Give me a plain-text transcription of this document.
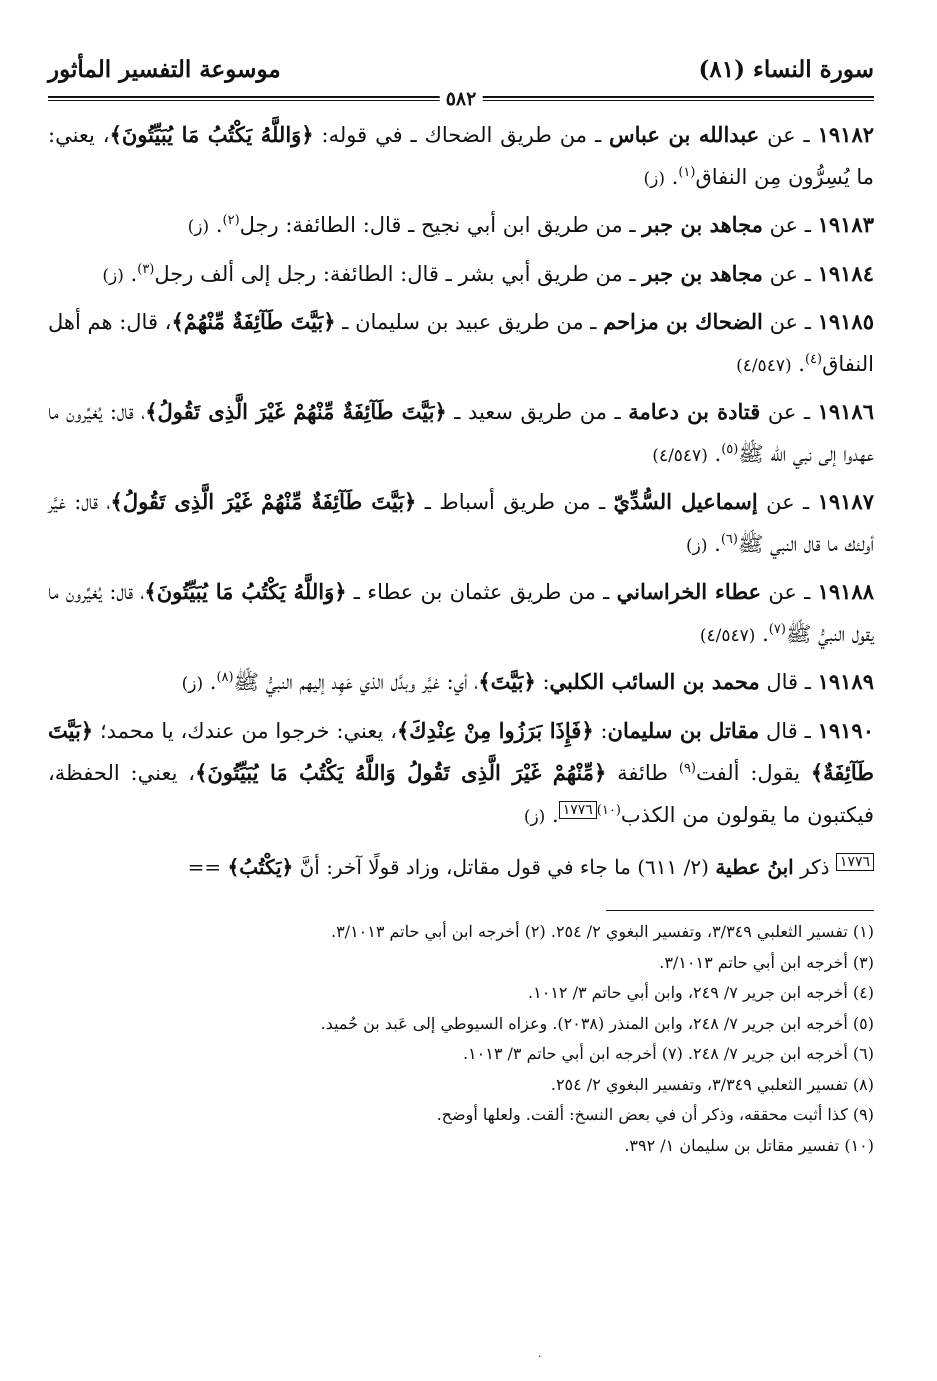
سورة النساء (٨١)
موسوعة التفسير المأثور
٥٨٢

١٩١٨٢ ـ عن عبدالله بن عباس ـ من طريق الضحاك ـ في قوله: ﴿وَاللَّهُ يَكْتُبُ مَا يُبَيِّتُونَ﴾، يعني: ما يُسِرُّون مِن النفاق$^{(١)}$. (ز)

١٩١٨٣ ـ عن مجاهد بن جبر ـ من طريق ابن أبي نجيح ـ قال: الطائفة: رجل$^{(٢)}$. (ز)

١٩١٨٤ ـ عن مجاهد بن جبر ـ من طريق أبي بشر ـ قال: الطائفة: رجل إلى ألف رجل$^{(٣)}$. (ز)

١٩١٨٥ ـ عن الضحاك بن مزاحم ـ من طريق عبيد بن سليمان ـ ﴿بَيَّتَ طَآئِفَةٌ مِّنْهُمْ﴾، قال: هم أهل النفاق$^{(٤)}$. (٤/٥٤٧)

١٩١٨٦ ـ عن قتادة بن دعامة ـ من طريق سعيد ـ ﴿بَيَّتَ طَآئِفَةٌ مِّنْهُمْ غَيْرَ الَّذِى تَقُولُ﴾، قال: يُغيِّرون ما عهدوا إلى نبي الله ﷺ$^{(٥)}$. (٤/٥٤٧)

١٩١٨٧ ـ عن إسماعيل السُّدِّيّ ـ من طريق أسباط ـ ﴿بَيَّتَ طَآئِفَةٌ مِّنْهُمْ غَيْرَ الَّذِى تَقُولُ﴾، قال: غيَّر أولئك ما قال النبي ﷺ$^{(٦)}$. (ز)

١٩١٨٨ ـ عن عطاء الخراساني ـ من طريق عثمان بن عطاء ـ ﴿وَاللَّهُ يَكْتُبُ مَا يُبَيِّتُونَ﴾، قال: يُغيِّرون ما يقول النبيُّ ﷺ$^{(٧)}$. (٤/٥٤٧)

١٩١٨٩ ـ قال محمد بن السائب الكلبي: ﴿بَيَّتَ﴾، أي: غيَّر وبدَّل الذي عَهِد إليهم النبيُّ ﷺ$^{(٨)}$. (ز)

١٩١٩٠ ـ قال مقاتل بن سليمان: ﴿فَإِذَا بَرَزُوا مِنْ عِنْدِكَ﴾، يعني: خرجوا من عندك، يا محمد؛ ﴿بَيَّتَ طَآئِفَةٌ﴾ يقول: ألفت$^{(٩)}$ طائفة ﴿مِّنْهُمْ غَيْرَ الَّذِى تَقُولُ وَاللَّهُ يَكْتُبُ مَا يُبَيِّتُونَ﴾، يعني: الحفظة، فيكتبون ما يقولون من الكذب$^{(١٠)١٧٧٦}$. (ز)

$^{١٧٧٦}$ ذكر ابنُ عطية (٢/ ٦١١) ما جاء في قول مقاتل، وزاد قولًا آخر: أنَّ ﴿يَكْتُبُ﴾ ==
(١) تفسير الثعلبي ٣/٣٤٩، وتفسير البغوي ٢/ ٢٥٤. (٢) أخرجه ابن أبي حاتم ٣/١٠١٣.
(٣) أخرجه ابن أبي حاتم ٣/١٠١٣.
(٤) أخرجه ابن جرير ٧/ ٢٤٩، وابن أبي حاتم ٣/ ١٠١٢.
(٥) أخرجه ابن جرير ٧/ ٢٤٨، وابن المنذر (٢٠٣٨). وعزاه السيوطي إلى عَبد بن حُميد.
(٦) أخرجه ابن جرير ٧/ ٢٤٨. (٧) أخرجه ابن أبي حاتم ٣/ ١٠١٣.
(٨) تفسير الثعلبي ٣/٣٤٩، وتفسير البغوي ٢/ ٢٥٤.
(٩) كذا أثبت محققه، وذكر أن في بعض النسخ: ألقت. ولعلها أوضح.
(١٠) تفسير مقاتل بن سليمان ١/ ٣٩٢.
·
